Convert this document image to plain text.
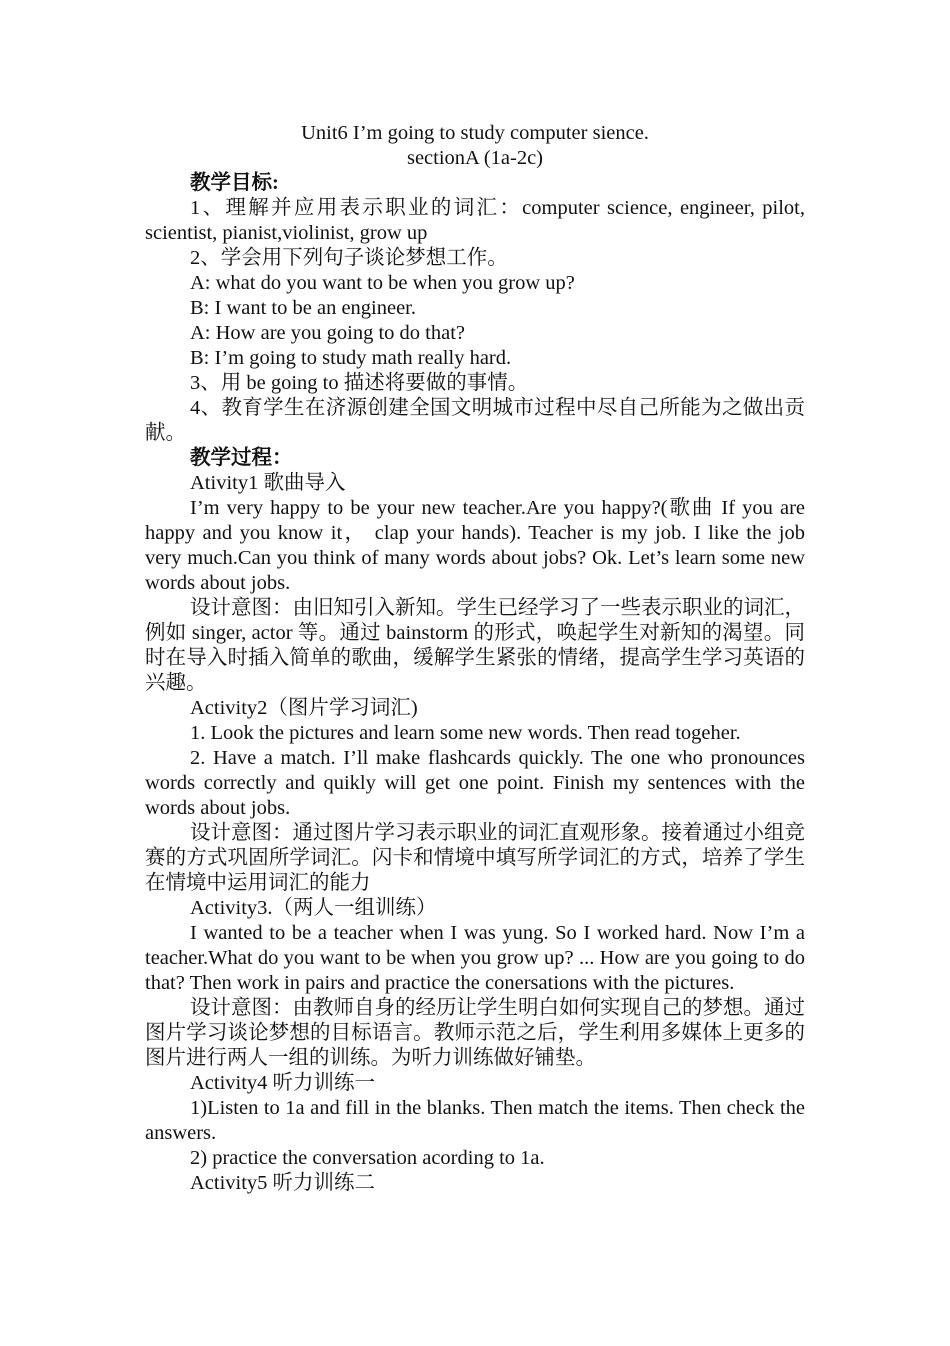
Unit6 I’m going to study computer sience.
sectionA (1a-2c)

教学目标:

1、理解并应用表示职业的词汇：computer science, engineer, pilot, scientist, pianist,violinist, grow up

2、学会用下列句子谈论梦想工作。

A: what do you want to be when you grow up?

B: I want to be an engineer.

A: How are you going to do that?

B: I’m going to study math really hard.

3、用 be going to 描述将要做的事情。

4、教育学生在济源创建全国文明城市过程中尽自己所能为之做出贡献。

教学过程：

Ativity1 歌曲导入

I’m very happy to be your new teacher.Are you happy?(歌曲 If you are happy and you know it， clap your hands). Teacher is my job. I like the job very much.Can you think of many words about jobs? Ok. Let’s learn some new words about jobs.

设计意图：由旧知引入新知。学生已经学习了一些表示职业的词汇，例如 singer, actor 等。通过 bainstorm 的形式，唤起学生对新知的渴望。同时在导入时插入简单的歌曲，缓解学生紧张的情绪，提高学生学习英语的兴趣。

Activity2（图片学习词汇)

1. Look the pictures and learn some new words. Then read togeher.

2. Have a match. I’ll make flashcards quickly. The one who pronounces words correctly and quikly will get one point. Finish my sentences with the words about jobs.

设计意图：通过图片学习表示职业的词汇直观形象。接着通过小组竞赛的方式巩固所学词汇。闪卡和情境中填写所学词汇的方式，培养了学生在情境中运用词汇的能力

Activity3.（两人一组训练）

I wanted to be a teacher when I was yung. So I worked hard. Now I’m a teacher.What do you want to be when you grow up? ... How are you going to do that? Then work in pairs and practice the conersations with the pictures.

设计意图：由教师自身的经历让学生明白如何实现自己的梦想。通过图片学习谈论梦想的目标语言。教师示范之后，学生利用多媒体上更多的图片进行两人一组的训练。为听力训练做好铺垫。

Activity4 听力训练一

1)Listen to 1a and fill in the blanks. Then match the items. Then check the answers.

2) practice the conversation acording to 1a.

Activity5 听力训练二
